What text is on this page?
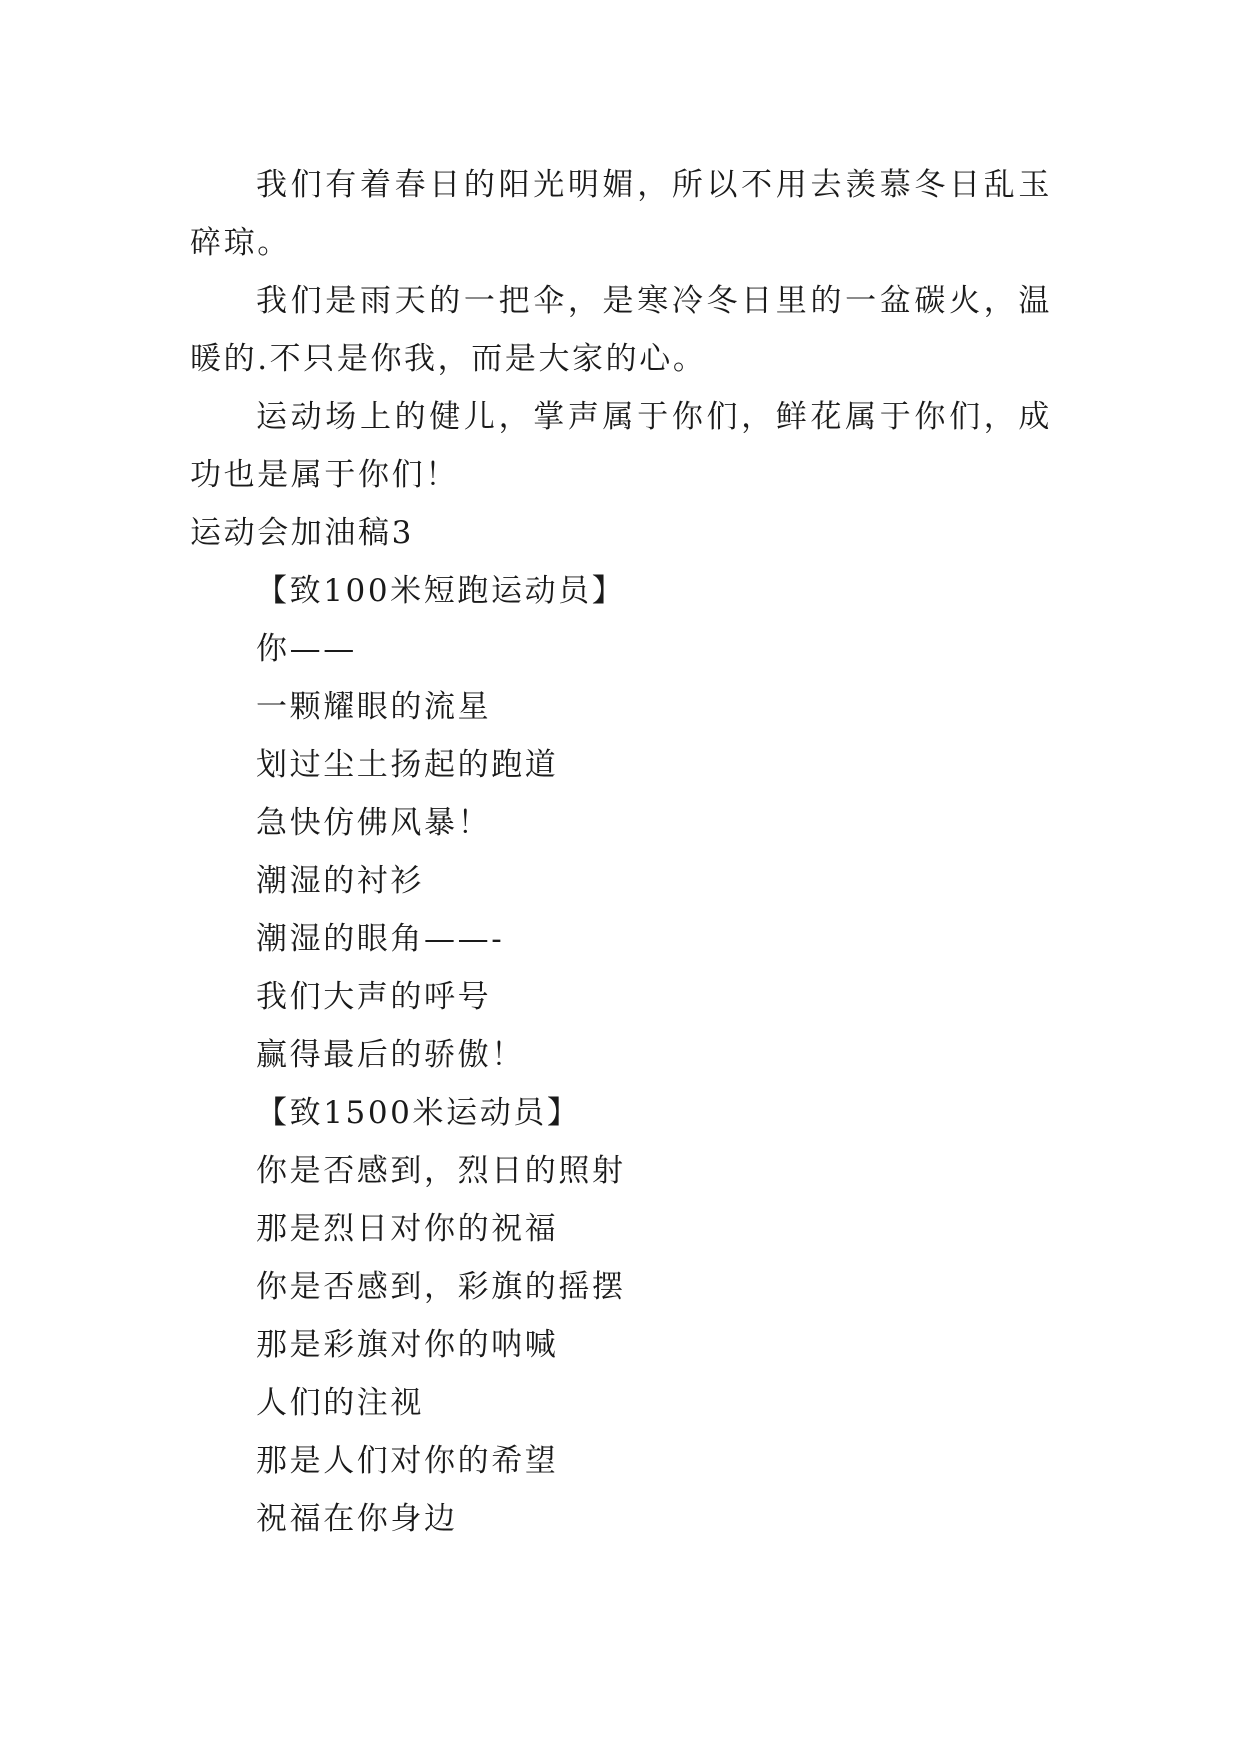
我们有着春日的阳光明媚，所以不用去羡慕冬日乱玉碎琼。

我们是雨天的一把伞，是寒冷冬日里的一盆碳火，温暖的.不只是你我，而是大家的心。

运动场上的健儿，掌声属于你们，鲜花属于你们，成功也是属于你们！

运动会加油稿3

【致100米短跑运动员】

你——

一颗耀眼的流星

划过尘土扬起的跑道

急快仿佛风暴！

潮湿的衬衫

潮湿的眼角——-

我们大声的呼号

赢得最后的骄傲！

【致1500米运动员】

你是否感到，烈日的照射

那是烈日对你的祝福

你是否感到，彩旗的摇摆

那是彩旗对你的呐喊

人们的注视

那是人们对你的希望

祝福在你身边
